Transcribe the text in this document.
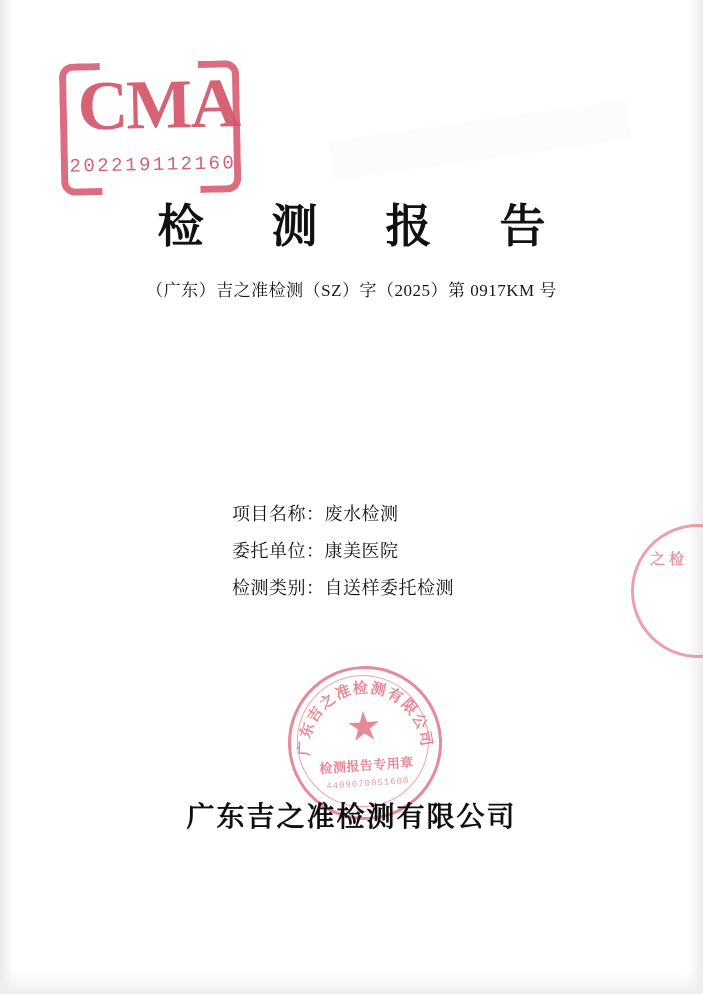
CMA
202219112160
检 测 报 告
（广东）吉之准检测（SZ）字（2025）第 0917KM 号
项目名称：废水检测
委托单位：康美医院
检测类别：自送样委托检测
之 检
广东吉之准检测有限公司
★
检测报告专用章
4409070051600
广东吉之准检测有限公司
